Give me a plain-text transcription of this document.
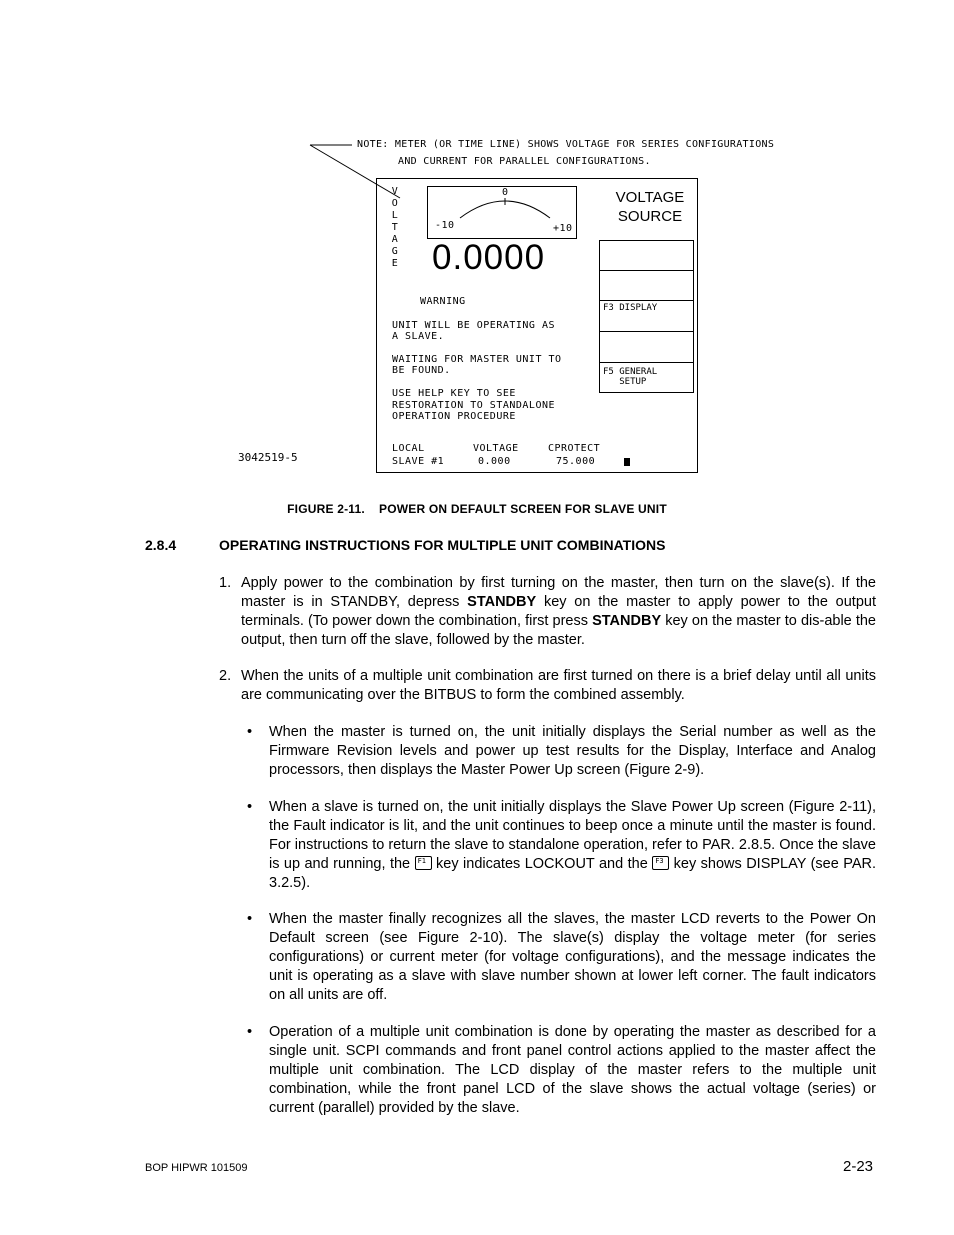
NOTE: METER (OR TIME LINE) SHOWS VOLTAGE FOR SERIES CONFIGURATIONS
AND CURRENT FOR PARALLEL CONFIGURATIONS.
V
O
L
T
A
G
E
0
-10	+10
0.0000
VOLTAGE
SOURCE
F3 DISPLAY
F5 GENERAL
SETUP
WARNING
UNIT WILL BE OPERATING AS
A SLAVE.
WAITING FOR MASTER UNIT TO
BE FOUND.
USE HELP KEY TO SEE
RESTORATION TO STANDALONE
OPERATION PROCEDURE
LOCAL	VOLTAGE	CPROTECT
SLAVE #1	0.000	75.000
3042519-5
FIGURE 2-11.    POWER ON DEFAULT SCREEN FOR SLAVE UNIT
2.8.4	OPERATING INSTRUCTIONS FOR MULTIPLE UNIT COMBINATIONS
1. Apply power to the combination by first turning on the master, then turn on the slave(s). If the master is in STANDBY, depress STANDBY key on the master to apply power to the output terminals. (To power down the combination, first press STANDBY key on the master to dis-able the output, then turn off the slave, followed by the master.
2. When the units of a multiple unit combination are first turned on there is a brief delay until all units are communicating over the BITBUS to form the combined assembly.
• When the master is turned on, the unit initially displays the Serial number as well as the Firmware Revision levels and power up test results for the Display, Interface and Analog processors, then displays the Master Power Up screen (Figure 2-9).
• When a slave is turned on, the unit initially displays the Slave Power Up screen (Figure 2-11), the Fault indicator is lit, and the unit continues to beep once a minute until the master is found. For instructions to return the slave to standalone operation, refer to PAR. 2.8.5. Once the slave is up and running, the F1 key indicates LOCKOUT and the F3 key shows DISPLAY (see PAR. 3.2.5).
• When the master finally recognizes all the slaves, the master LCD reverts to the Power On Default screen (see Figure 2-10). The slave(s) display the voltage meter (for series configurations) or current meter (for voltage configurations), and the message indicates the unit is operating as a slave with slave number shown at lower left corner. The fault indicators on all units are off.
• Operation of a multiple unit combination is done by operating the master as described for a single unit. SCPI commands and front panel control actions applied to the master affect the multiple unit combination. The LCD display of the master refers to the multiple unit combination, while the front panel LCD of the slave shows the actual voltage (series) or current (parallel) provided by the slave.
BOP HIPWR 101509	2-23
